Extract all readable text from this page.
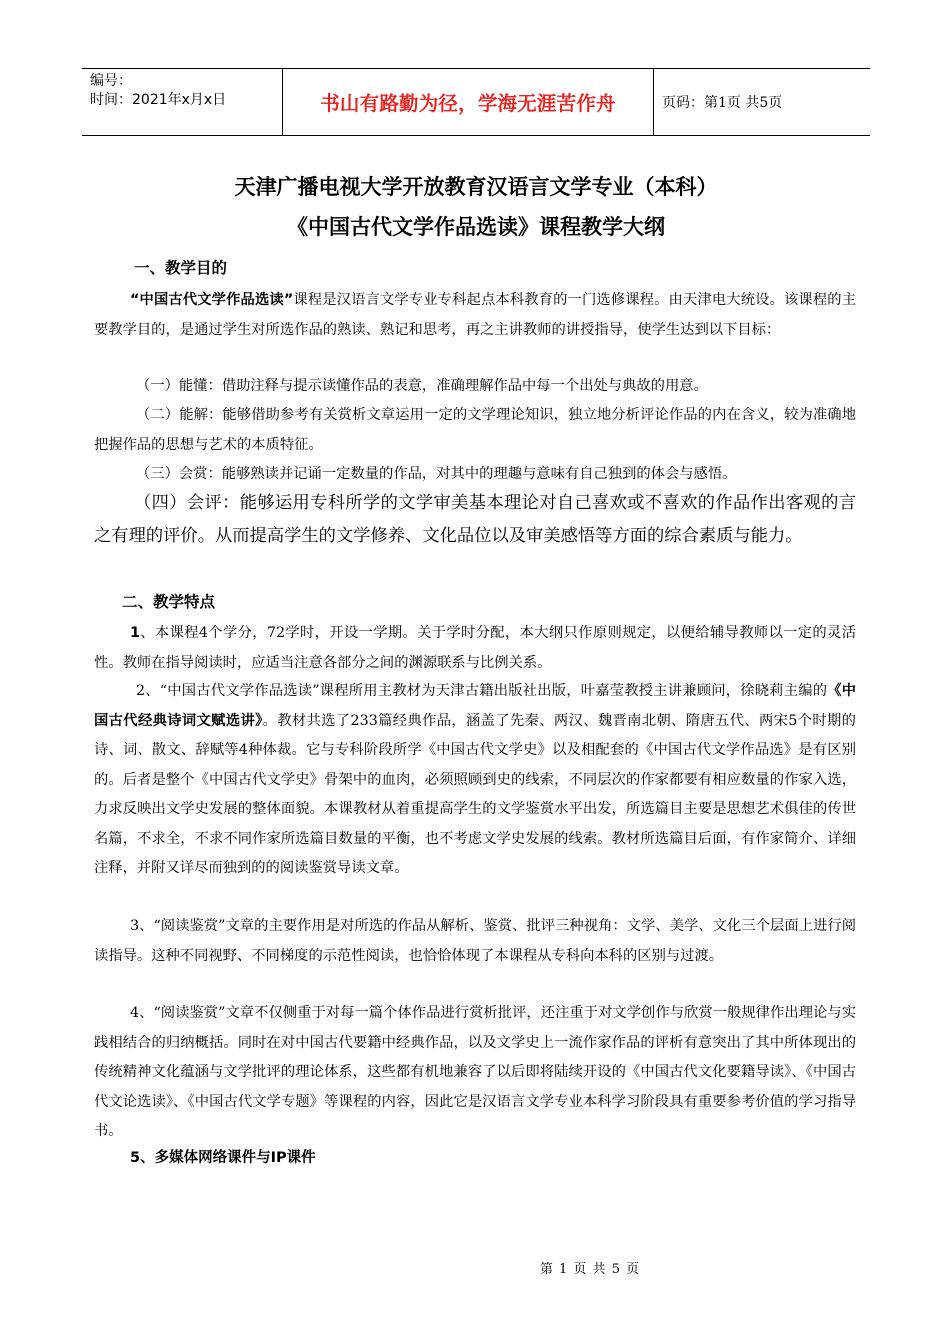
编号：
时间：2021年x月x日	书山有路勤为径，学海无涯苦作舟	页码：第1页 共5页
天津广播电视大学开放教育汉语言文学专业（本科）
《中国古代文学作品选读》课程教学大纲
一、教学目的

“中国古代文学作品选读”课程是汉语言文学专业专科起点本科教育的一门选修课程。由天津电大统设。该课程的主要教学目的，是通过学生对所选作品的熟读、熟记和思考，再之主讲教师的讲授指导，使学生达到以下目标：

（一）能懂：借助注释与提示读懂作品的表意，准确理解作品中每一个出处与典故的用意。

（二）能解：能够借助参考有关赏析文章运用一定的文学理论知识，独立地分析评论作品的内在含义，较为准确地把握作品的思想与艺术的本质特征。

（三）会赏：能够熟读并记诵一定数量的作品，对其中的理趣与意味有自己独到的体会与感悟。

（四）会评：能够运用专科所学的文学审美基本理论对自己喜欢或不喜欢的作品作出客观的言之有理的评价。从而提高学生的文学修养、文化品位以及审美感悟等方面的综合素质与能力。

二、教学特点

1、本课程4个学分，72学时，开设一学期。关于学时分配，本大纲只作原则规定，以便给辅导教师以一定的灵活性。教师在指导阅读时，应适当注意各部分之间的渊源联系与比例关系。

2、“中国古代文学作品选读”课程所用主教材为天津古籍出版社出版，叶嘉莹教授主讲兼顾问，徐晓莉主编的《中国古代经典诗词文赋选讲》。教材共选了233篇经典作品，涵盖了先秦、两汉、魏晋南北朝、隋唐五代、两宋5个时期的诗、词、散文、辞赋等4种体裁。它与专科阶段所学《中国古代文学史》以及相配套的《中国古代文学作品选》是有区别的。后者是整个《中国古代文学史》骨架中的血肉，必须照顾到史的线索，不同层次的作家都要有相应数量的作家入选，力求反映出文学史发展的整体面貌。本课教材从着重提高学生的文学鉴赏水平出发，所选篇目主要是思想艺术俱佳的传世名篇，不求全，不求不同作家所选篇目数量的平衡，也不考虑文学史发展的线索。教材所选篇目后面，有作家简介、详细注释，并附又详尽而独到的的阅读鉴赏导读文章。

3、“阅读鉴赏”文章的主要作用是对所选的作品从解析、鉴赏、批评三种视角：文学、美学、文化三个层面上进行阅读指导。这种不同视野、不同梯度的示范性阅读，也恰恰体现了本课程从专科向本科的区别与过渡。

4、“阅读鉴赏”文章不仅侧重于对每一篇个体作品进行赏析批评，还注重于对文学创作与欣赏一般规律作出理论与实践相结合的归纳概括。同时在对中国古代要籍中经典作品，以及文学史上一流作家作品的评析有意突出了其中所体现出的传统精神文化蕴涵与文学批评的理论体系，这些都有机地兼容了以后即将陆续开设的《中国古代文化要籍导读》、《中国古代文论选读》、《中国古代文学专题》等课程的内容，因此它是汉语言文学专业本科学习阶段具有重要参考价值的学习指导书。

5、多媒体网络课件与IP课件
第 1 页 共 5 页
